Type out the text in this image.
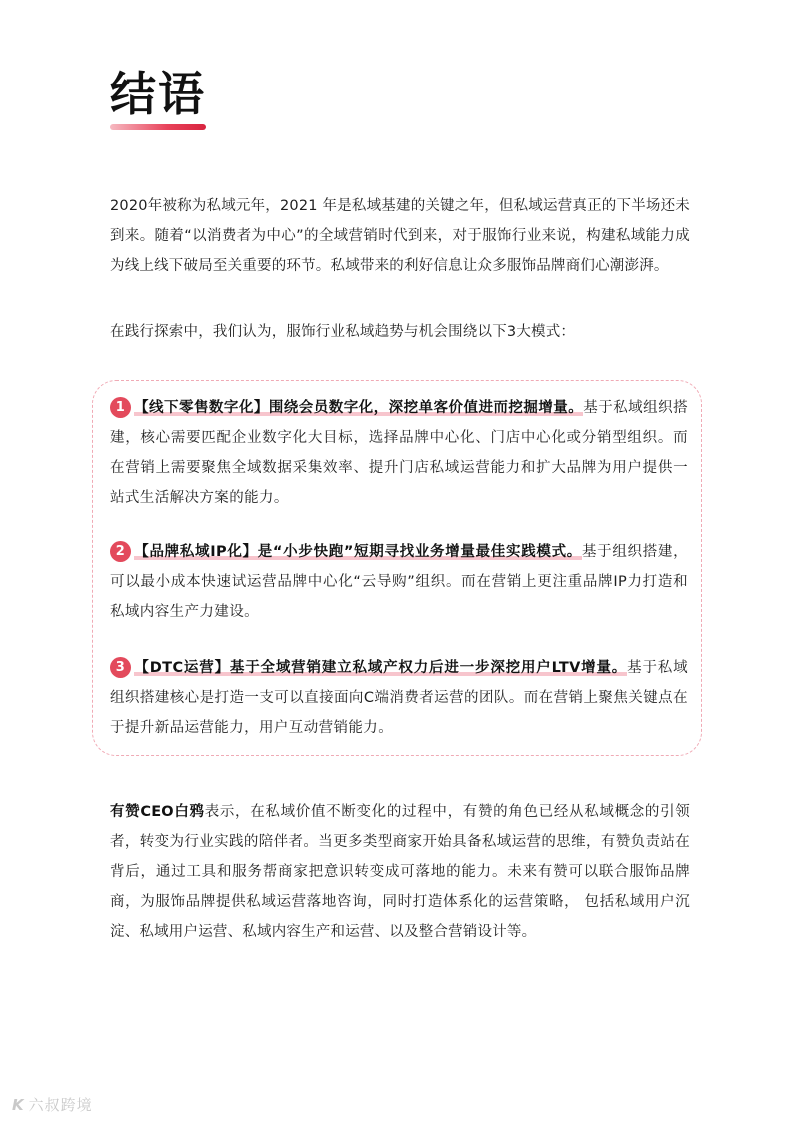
结语
2020年被称为私域元年，2021 年是私域基建的关键之年，但私域运营真正的下半场还未到来。随着“以消费者为中心”的全域营销时代到来，对于服饰行业来说，构建私域能力成为线上线下破局至关重要的环节。私域带来的利好信息让众多服饰品牌商们心潮澎湃。
在践行探索中，我们认为，服饰行业私域趋势与机会围绕以下3大模式：
1 【线下零售数字化】围绕会员数字化，深挖单客价值进而挖掘增量。基于私域组织搭建，核心需要匹配企业数字化大目标，选择品牌中心化、门店中心化或分销型组织。而在营销上需要聚焦全域数据采集效率、提升门店私域运营能力和扩大品牌为用户提供一站式生活解决方案的能力。
2 【品牌私域IP化】是“小步快跑”短期寻找业务增量最佳实践模式。基于组织搭建，可以最小成本快速试运营品牌中心化“云导购”组织。而在营销上更注重品牌IP力打造和私域内容生产力建设。
3 【DTC运营】基于全域营销建立私域产权力后进一步深挖用户LTV增量。基于私域组织搭建核心是打造一支可以直接面向C端消费者运营的团队。而在营销上聚焦关键点在于提升新品运营能力，用户互动营销能力。
有赞CEO白鸦表示，在私域价值不断变化的过程中，有赞的角色已经从私域概念的引领者，转变为行业实践的陪伴者。当更多类型商家开始具备私域运营的思维，有赞负责站在背后，通过工具和服务帮商家把意识转变成可落地的能力。未来有赞可以联合服饰品牌商，为服饰品牌提供私域运营落地咨询，同时打造体系化的运营策略， 包括私域用户沉淀、私域用户运营、私域内容生产和运营、以及整合营销设计等。
K 六叔跨境
